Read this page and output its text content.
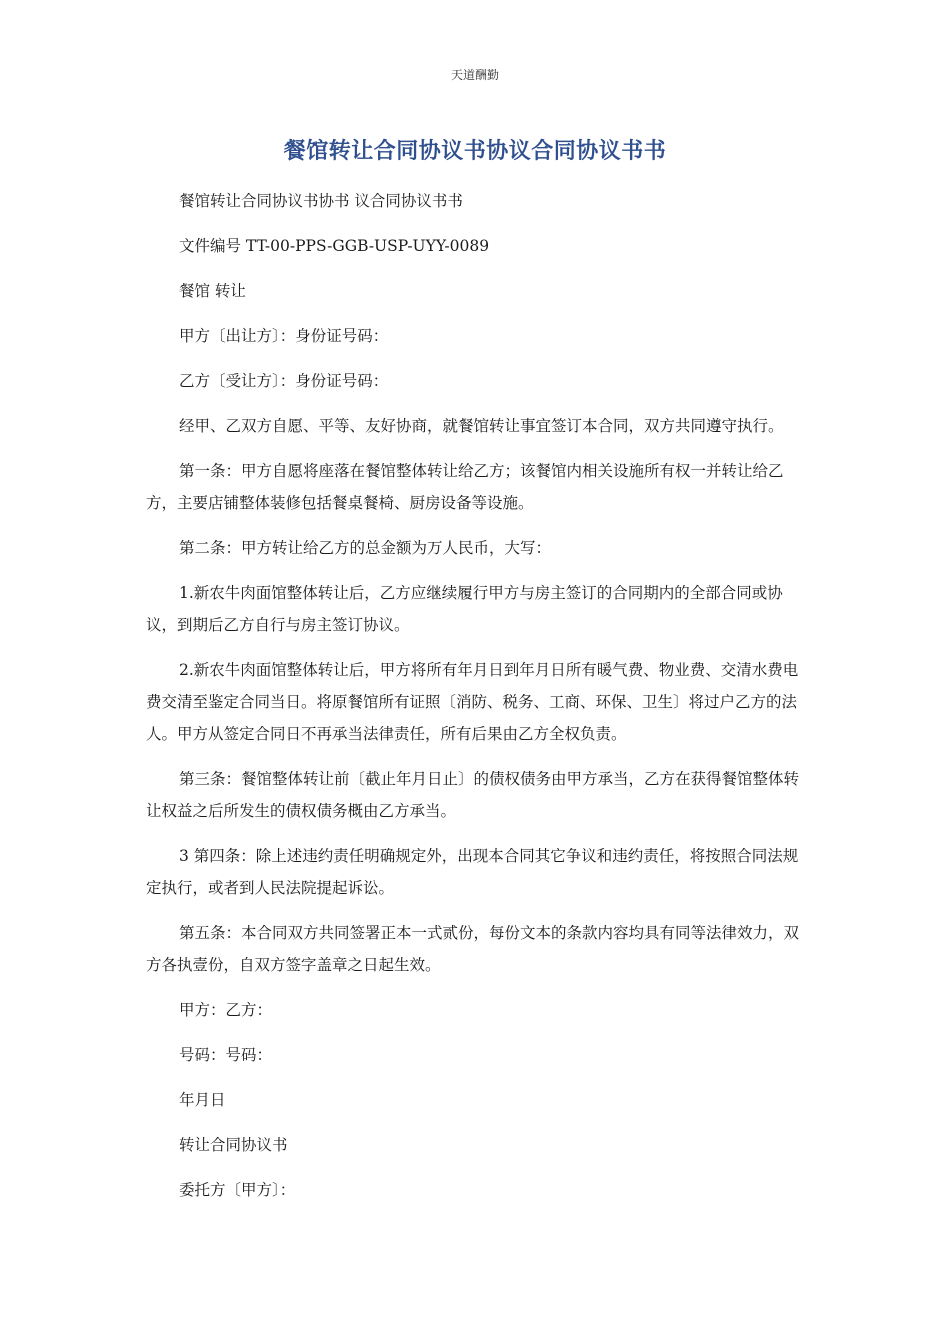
天道酬勤
餐馆转让合同协议书协议合同协议书书

餐馆转让合同协议书协书 议合同协议书书

文件编号 TT-00-PPS-GGB-USP-UYY-0089

餐馆 转让

甲方〔出让方〕：身份证号码：

乙方〔受让方〕：身份证号码：

经甲、乙双方自愿、平等、友好协商，就餐馆转让事宜签订本合同，双方共同遵守执行。

第一条：甲方自愿将座落在餐馆整体转让给乙方；该餐馆内相关设施所有权一并转让给乙方，主要店铺整体装修包括餐桌餐椅、厨房设备等设施。

第二条：甲方转让给乙方的总金额为万人民币，大写：

1.新农牛肉面馆整体转让后，乙方应继续履行甲方与房主签订的合同期内的全部合同或协议，到期后乙方自行与房主签订协议。

2.新农牛肉面馆整体转让后，甲方将所有年月日到年月日所有暖气费、物业费、交清水费电费交清至鉴定合同当日。将原餐馆所有证照〔消防、税务、工商、环保、卫生〕将过户乙方的法人。甲方从签定合同日不再承当法律责任，所有后果由乙方全权负责。

第三条：餐馆整体转让前〔截止年月日止〕的债权债务由甲方承当，乙方在获得餐馆整体转让权益之后所发生的债权债务概由乙方承当。

3 第四条：除上述违约责任明确规定外，出现本合同其它争议和违约责任，将按照合同法规定执行，或者到人民法院提起诉讼。

第五条：本合同双方共同签署正本一式贰份，每份文本的条款内容均具有同等法律效力，双方各执壹份，自双方签字盖章之日起生效。

甲方：乙方：

号码：号码：

年月日

转让合同协议书

委托方〔甲方〕：
